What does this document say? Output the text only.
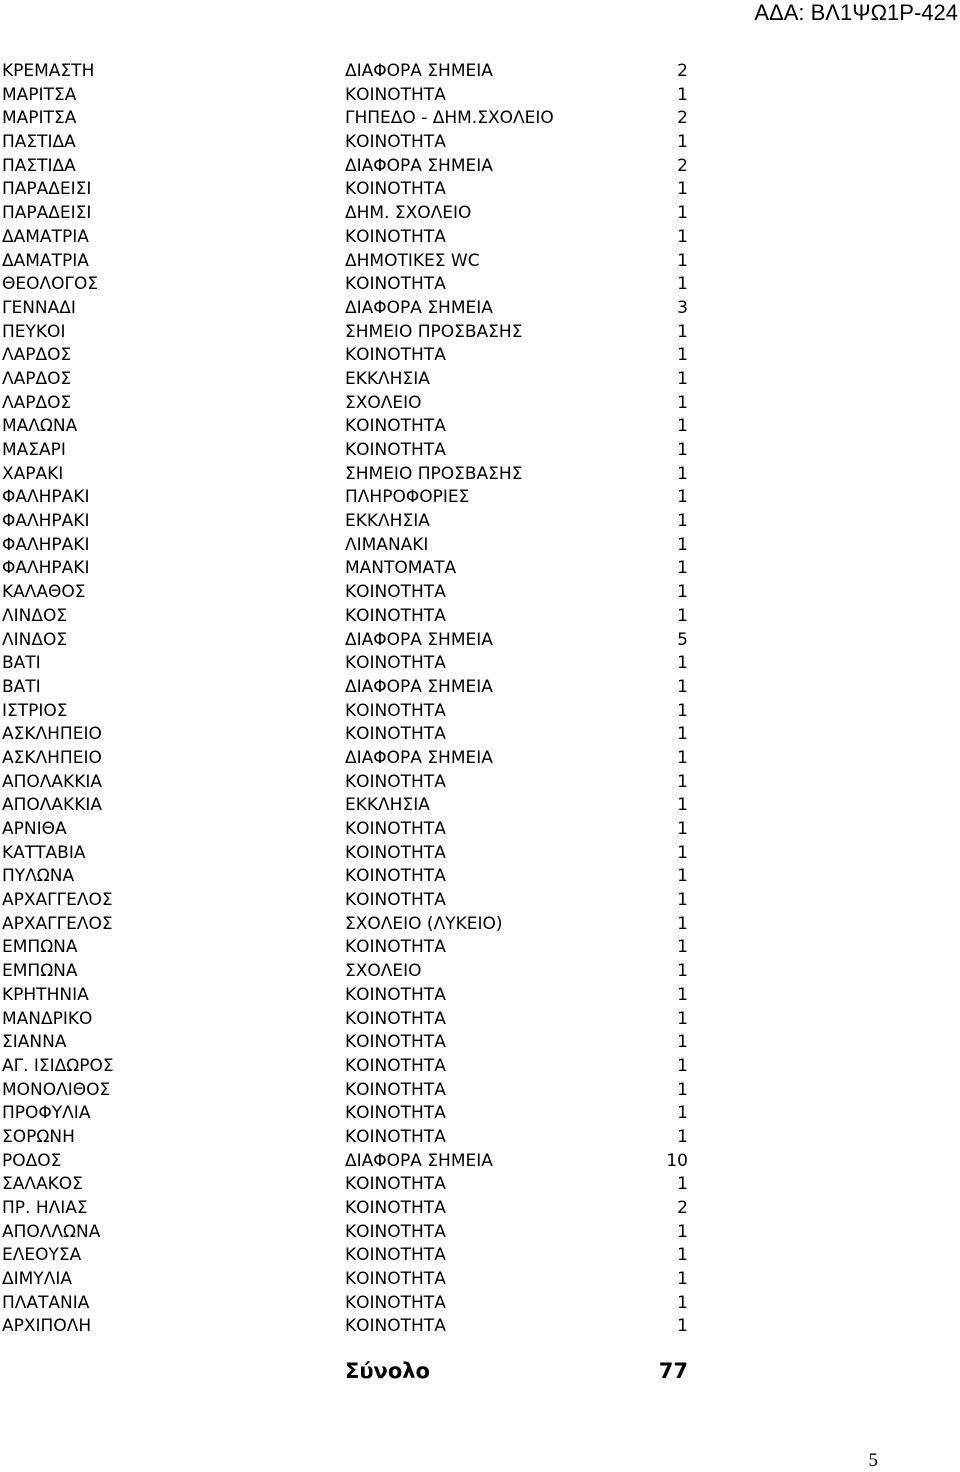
ΑΔΑ: ΒΛ1ΨΩ1Ρ-424
ΚΡΕΜΑΣΤΗ	ΔΙΑΦΟΡΑ ΣΗΜΕΙΑ	2
ΜΑΡΙΤΣΑ	ΚΟΙΝΟΤΗΤΑ	1
ΜΑΡΙΤΣΑ	ΓΗΠΕΔΟ - ΔΗΜ.ΣΧΟΛΕΙΟ	2
ΠΑΣΤΙΔΑ	ΚΟΙΝΟΤΗΤΑ	1
ΠΑΣΤΙΔΑ	ΔΙΑΦΟΡΑ ΣΗΜΕΙΑ	2
ΠΑΡΑΔΕΙΣΙ	ΚΟΙΝΟΤΗΤΑ	1
ΠΑΡΑΔΕΙΣΙ	ΔΗΜ. ΣΧΟΛΕΙΟ	1
ΔΑΜΑΤΡΙΑ	ΚΟΙΝΟΤΗΤΑ	1
ΔΑΜΑΤΡΙΑ	ΔΗΜΟΤΙΚΕΣ WC	1
ΘΕΟΛΟΓΟΣ	ΚΟΙΝΟΤΗΤΑ	1
ΓΕΝΝΑΔΙ	ΔΙΑΦΟΡΑ ΣΗΜΕΙΑ	3
ΠΕΥΚΟΙ	ΣΗΜΕΙΟ ΠΡΟΣΒΑΣΗΣ	1
ΛΑΡΔΟΣ	ΚΟΙΝΟΤΗΤΑ	1
ΛΑΡΔΟΣ	ΕΚΚΛΗΣΙΑ	1
ΛΑΡΔΟΣ	ΣΧΟΛΕΙΟ	1
ΜΑΛΩΝΑ	ΚΟΙΝΟΤΗΤΑ	1
ΜΑΣΑΡΙ	ΚΟΙΝΟΤΗΤΑ	1
ΧΑΡΑΚΙ	ΣΗΜΕΙΟ ΠΡΟΣΒΑΣΗΣ	1
ΦΑΛΗΡΑΚΙ	ΠΛΗΡΟΦΟΡΙΕΣ	1
ΦΑΛΗΡΑΚΙ	ΕΚΚΛΗΣΙΑ	1
ΦΑΛΗΡΑΚΙ	ΛΙΜΑΝΑΚΙ	1
ΦΑΛΗΡΑΚΙ	ΜΑΝΤΟΜΑΤΑ	1
ΚΑΛΑΘΟΣ	ΚΟΙΝΟΤΗΤΑ	1
ΛΙΝΔΟΣ	ΚΟΙΝΟΤΗΤΑ	1
ΛΙΝΔΟΣ	ΔΙΑΦΟΡΑ ΣΗΜΕΙΑ	5
ΒΑΤΙ	ΚΟΙΝΟΤΗΤΑ	1
ΒΑΤΙ	ΔΙΑΦΟΡΑ ΣΗΜΕΙΑ	1
ΙΣΤΡΙΟΣ	ΚΟΙΝΟΤΗΤΑ	1
ΑΣΚΛΗΠΕΙΟ	ΚΟΙΝΟΤΗΤΑ	1
ΑΣΚΛΗΠΕΙΟ	ΔΙΑΦΟΡΑ ΣΗΜΕΙΑ	1
ΑΠΟΛΑΚΚΙΑ	ΚΟΙΝΟΤΗΤΑ	1
ΑΠΟΛΑΚΚΙΑ	ΕΚΚΛΗΣΙΑ	1
ΑΡΝΙΘΑ	ΚΟΙΝΟΤΗΤΑ	1
ΚΑΤΤΑΒΙΑ	ΚΟΙΝΟΤΗΤΑ	1
ΠΥΛΩΝΑ	ΚΟΙΝΟΤΗΤΑ	1
ΑΡΧΑΓΓΕΛΟΣ	ΚΟΙΝΟΤΗΤΑ	1
ΑΡΧΑΓΓΕΛΟΣ	ΣΧΟΛΕΙΟ (ΛΥΚΕΙΟ)	1
ΕΜΠΩΝΑ	ΚΟΙΝΟΤΗΤΑ	1
ΕΜΠΩΝΑ	ΣΧΟΛΕΙΟ	1
ΚΡΗΤΗΝΙΑ	ΚΟΙΝΟΤΗΤΑ	1
ΜΑΝΔΡΙΚΟ	ΚΟΙΝΟΤΗΤΑ	1
ΣΙΑΝΝΑ	ΚΟΙΝΟΤΗΤΑ	1
ΑΓ. ΙΣΙΔΩΡΟΣ	ΚΟΙΝΟΤΗΤΑ	1
ΜΟΝΟΛΙΘΟΣ	ΚΟΙΝΟΤΗΤΑ	1
ΠΡΟΦΥΛΙΑ	ΚΟΙΝΟΤΗΤΑ	1
ΣΟΡΩΝΗ	ΚΟΙΝΟΤΗΤΑ	1
ΡΟΔΟΣ	ΔΙΑΦΟΡΑ ΣΗΜΕΙΑ	10
ΣΑΛΑΚΟΣ	ΚΟΙΝΟΤΗΤΑ	1
ΠΡ. ΗΛΙΑΣ	ΚΟΙΝΟΤΗΤΑ	2
ΑΠΟΛΛΩΝΑ	ΚΟΙΝΟΤΗΤΑ	1
ΕΛΕΟΥΣΑ	ΚΟΙΝΟΤΗΤΑ	1
ΔΙΜΥΛΙΑ	ΚΟΙΝΟΤΗΤΑ	1
ΠΛΑΤΑΝΙΑ	ΚΟΙΝΟΤΗΤΑ	1
ΑΡΧΙΠΟΛΗ	ΚΟΙΝΟΤΗΤΑ	1
Σύνολο	77
5
